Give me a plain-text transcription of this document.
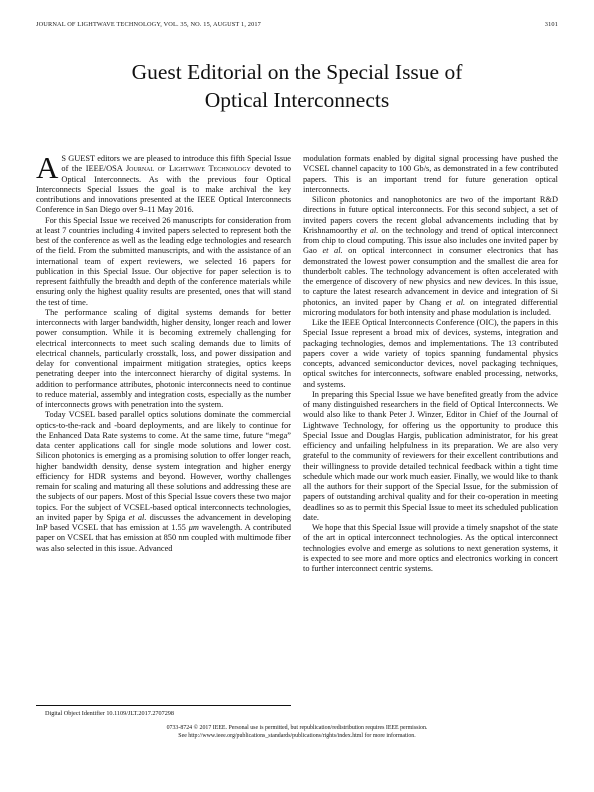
JOURNAL OF LIGHTWAVE TECHNOLOGY, VOL. 35, NO. 15, AUGUST 1, 2017	3101
Guest Editorial on the Special Issue of
Optical Interconnects

A S GUEST editors we are pleased to introduce this fifth Special Issue of the IEEE/OSA Journal of Lightwave Technology devoted to Optical Interconnects. As with the previous four Optical Interconnects Special Issues the goal is to make archival the key contributions and innovations presented at the IEEE Optical Interconnects Conference in San Diego over 9–11 May 2016.

For this Special Issue we received 26 manuscripts for consideration from at least 7 countries including 4 invited papers selected to represent both the best of the conference as well as the leading edge technologies and research of the field. From the submitted manuscripts, and with the assistance of an international team of expert reviewers, we selected 16 papers for publication in this Special Issue. Our objective for paper selection is to represent faithfully the breadth and depth of the conference materials while ensuring only the highest quality results are presented, ones that will stand the test of time.

The performance scaling of digital systems demands for better interconnects with larger bandwidth, higher density, longer reach and lower power consumption. While it is becoming extremely challenging for electrical interconnects to meet such scaling demands due to limits of electrical channels, particularly crosstalk, loss, and power dissipation and delay for conventional impairment mitigation strategies, optics keeps penetrating deeper into the interconnect hierarchy of digital systems. In addition to performance attributes, photonic interconnects need to continue to reduce material, assembly and integration costs, especially as the number of interconnects grows with penetration into the system.

Today VCSEL based parallel optics solutions dominate the commercial optics-to-the-rack and -board deployments, and are likely to continue for the Enhanced Data Rate systems to come. At the same time, future “mega” data center applications call for single mode solutions and lower cost. Silicon photonics is emerging as a promising solution to offer longer reach, higher bandwidth density, dense system integration and higher energy efficiency for HDR systems and beyond. However, worthy challenges remain for scaling and maturing all these solutions and addressing these are the subjects of our papers. Most of this Special Issue covers these two major topics. For the subject of VCSEL-based optical interconnects technologies, an invited paper by Spiga et al. discusses the advancement in developing InP based VCSEL that has emission at 1.55 μm wavelength. A contributed paper on VCSEL that has emission at 850 nm coupled with multimode fiber was also selected in this issue. Advanced

modulation formats enabled by digital signal processing have pushed the VCSEL channel capacity to 100 Gb/s, as demonstrated in a few contributed papers. This is an important trend for future generation optical interconnects.

Silicon photonics and nanophotonics are two of the important R&D directions in future optical interconnects. For this second subject, a set of invited papers covers the recent global advancements including that by Krishnamoorthy et al. on the technology and trend of optical interconnect from chip to cloud computing. This issue also includes one invited paper by Gao et al. on optical interconnect in consumer electronics that has demonstrated the lowest power consumption and the smallest die area for thunderbolt cables. The technology advancement is often accelerated with the emergence of discovery of new physics and new devices. In this issue, to capture the latest research advancement in device and integration of Si photonics, an invited paper by Chang et al. on integrated differential microring modulators for both intensity and phase modulation is included.

Like the IEEE Optical Interconnects Conference (OIC), the papers in this Special Issue represent a broad mix of devices, systems, integration and packaging technologies, demos and implementations. The 13 contributed papers cover a wide variety of topics spanning fundamental physics concepts, advanced semiconductor devices, novel packaging techniques, optical switches for interconnects, software enabled processing, networks, and systems.

In preparing this Special Issue we have benefited greatly from the advice of many distinguished researchers in the field of Optical Interconnects. We would also like to thank Peter J. Winzer, Editor in Chief of the Journal of Lightwave Technology, for offering us the opportunity to produce this Special Issue and Douglas Hargis, publication administrator, for his great efficiency and unfailing helpfulness in its preparation. We are also very grateful to the community of reviewers for their excellent contributions and their willingness to provide detailed technical feedback within a tight time schedule which made our work much easier. Finally, we would like to thank all the authors for their support of the Special Issue, for the submission of papers of outstanding archival quality and for their co-operation in meeting deadlines so as to permit this Special Issue to meet its scheduled publication date.

We hope that this Special Issue will provide a timely snapshot of the state of the art in optical interconnect technologies. As the optical interconnect technologies evolve and emerge as solutions to next generation systems, it is expected to see more and more optics and electronics working in concert to further interconnect centric systems.

Digital Object Identifier 10.1109/JLT.2017.2707298
0733-8724 © 2017 IEEE. Personal use is permitted, but republication/redistribution requires IEEE permission.
See http://www.ieee.org/publications_standards/publications/rights/index.html for more information.
